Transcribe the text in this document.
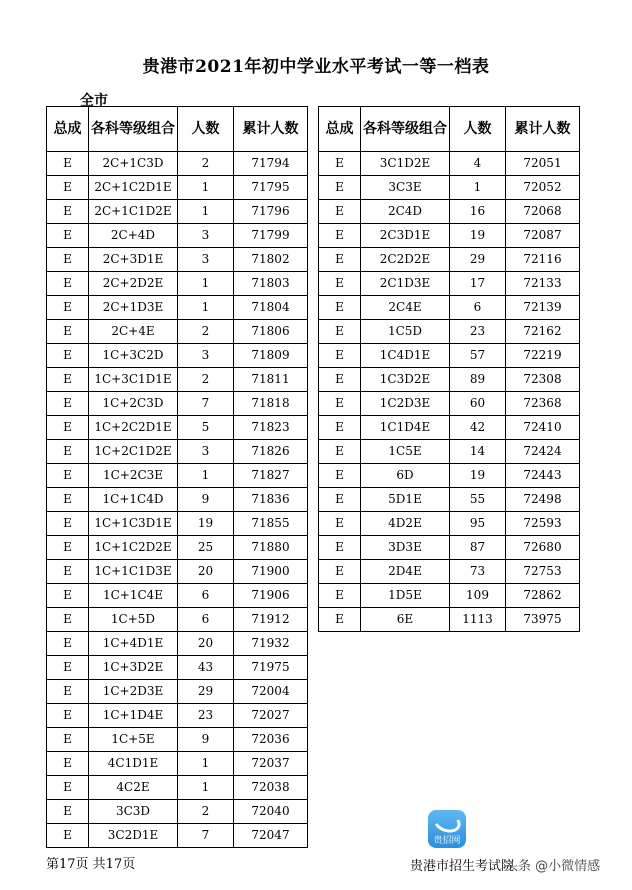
贵港市2021年初中学业水平考试一等一档表
全市
总成	各科等级组合	人数	累计人数
E	2C+1C3D	2	71794
E	2C+1C2D1E	1	71795
E	2C+1C1D2E	1	71796
E	2C+4D	3	71799
E	2C+3D1E	3	71802
E	2C+2D2E	1	71803
E	2C+1D3E	1	71804
E	2C+4E	2	71806
E	1C+3C2D	3	71809
E	1C+3C1D1E	2	71811
E	1C+2C3D	7	71818
E	1C+2C2D1E	5	71823
E	1C+2C1D2E	3	71826
E	1C+2C3E	1	71827
E	1C+1C4D	9	71836
E	1C+1C3D1E	19	71855
E	1C+1C2D2E	25	71880
E	1C+1C1D3E	20	71900
E	1C+1C4E	6	71906
E	1C+5D	6	71912
E	1C+4D1E	20	71932
E	1C+3D2E	43	71975
E	1C+2D3E	29	72004
E	1C+1D4E	23	72027
E	1C+5E	9	72036
E	4C1D1E	1	72037
E	4C2E	1	72038
E	3C3D	2	72040
E	3C2D1E	7	72047
总成	各科等级组合	人数	累计人数
E	3C1D2E	4	72051
E	3C3E	1	72052
E	2C4D	16	72068
E	2C3D1E	19	72087
E	2C2D2E	29	72116
E	2C1D3E	17	72133
E	2C4E	6	72139
E	1C5D	23	72162
E	1C4D1E	57	72219
E	1C3D2E	89	72308
E	1C2D3E	60	72368
E	1C1D4E	42	72410
E	1C5E	14	72424
E	6D	19	72443
E	5D1E	55	72498
E	4D2E	95	72593
E	3D3E	87	72680
E	2D4E	73	72753
E	1D5E	109	72862
E	6E	1113	73975
第17页 共17页
贵招网
贵港市招生考试院
头条 @小微情感
